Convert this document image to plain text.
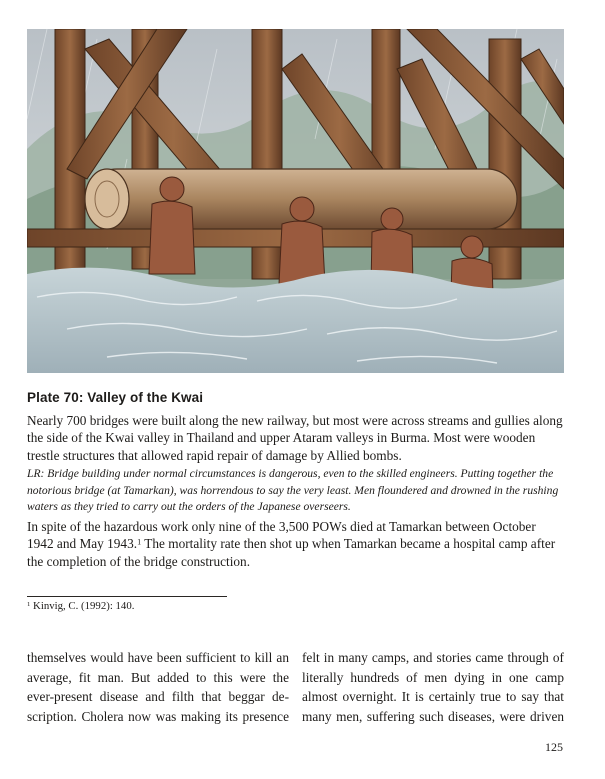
Plate 70: Valley of the Kwai
Nearly 700 bridges were built along the new railway, but most were across streams and gullies along the side of the Kwai valley in Thailand and upper Ataram valleys in Burma. Most were wooden trestle structures that allowed rapid repair of damage by Allied bombs.
LR: Bridge building under normal circumstances is dangerous, even to the skilled engineers. Putting together the notorious bridge (at Tamarkan), was horrendous to say the very least. Men floundered and drowned in the rushing waters as they tried to carry out the orders of the Japanese overseers.
In spite of the hazardous work only nine of the 3,500 POWs died at Tamarkan between October 1942 and May 1943.$^1$ The mortality rate then shot up when Tamarkan became a hospital camp after the completion of the bridge construction.
$^1$ Kinvig, C. (1992): 140.
themselves would have been sufficient to kill an
average, fit man. But added to this were the
ever-present disease and filth that beggar de-
scription. Cholera now was making its presence
felt in many camps, and stories came through of
literally hundreds of men dying in one camp
almost overnight. It is certainly true to say that
many men, suffering such diseases, were driven
125
